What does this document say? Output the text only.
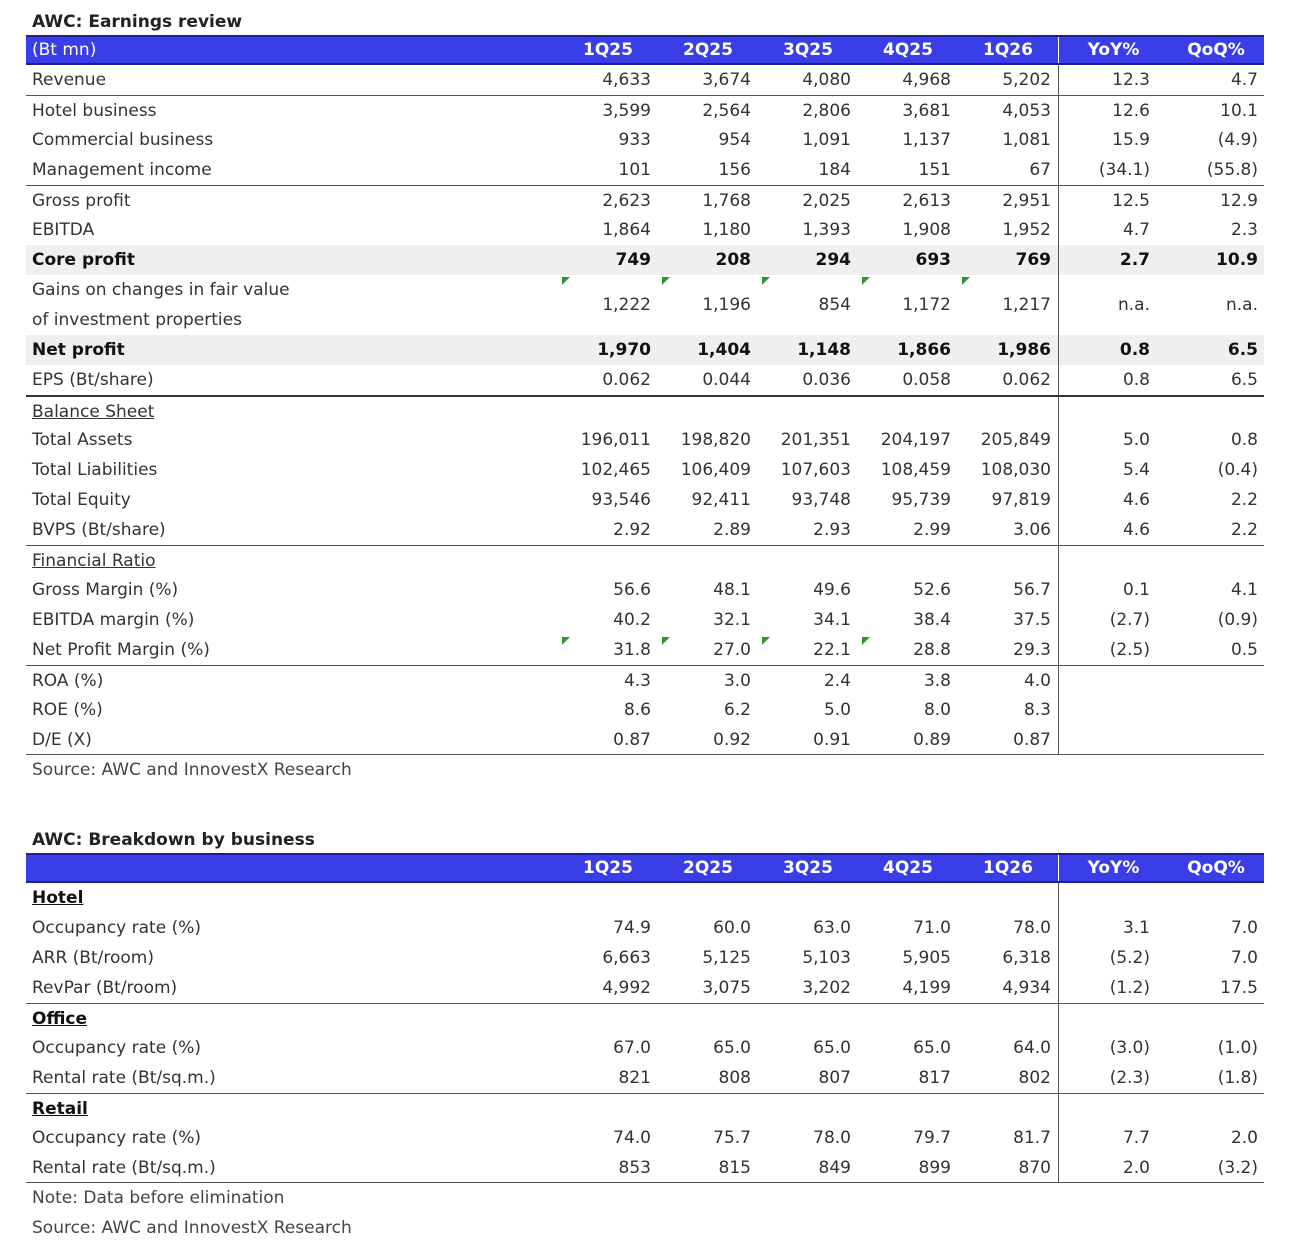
AWC: Earnings review
(Bt mn)	1Q25	2Q25	3Q25	4Q25	1Q26	YoY%	QoQ%
Revenue	4,633	3,674	4,080	4,968	5,202	12.3	4.7
Hotel business	3,599	2,564	2,806	3,681	4,053	12.6	10.1
Commercial business	933	954	1,091	1,137	1,081	15.9	(4.9)
Management income	101	156	184	151	67	(34.1)	(55.8)
Gross profit	2,623	1,768	2,025	2,613	2,951	12.5	12.9
EBITDA	1,864	1,180	1,393	1,908	1,952	4.7	2.3
Core profit	749	208	294	693	769	2.7	10.9
Gains on changes in fair value
of investment properties
1,222	1,196	854	1,172	1,217	n.a.	n.a.
Net profit	1,970	1,404	1,148	1,866	1,986	0.8	6.5
EPS (Bt/share)	0.062	0.044	0.036	0.058	0.062	0.8	6.5
Balance Sheet
Total Assets	196,011	198,820	201,351	204,197	205,849	5.0	0.8
Total Liabilities	102,465	106,409	107,603	108,459	108,030	5.4	(0.4)
Total Equity	93,546	92,411	93,748	95,739	97,819	4.6	2.2
BVPS (Bt/share)	2.92	2.89	2.93	2.99	3.06	4.6	2.2
Financial Ratio
Gross Margin (%)	56.6	48.1	49.6	52.6	56.7	0.1	4.1
EBITDA margin (%)	40.2	32.1	34.1	38.4	37.5	(2.7)	(0.9)
Net Profit Margin (%)	31.8	27.0	22.1	28.8	29.3	(2.5)	0.5
ROA (%)	4.3	3.0	2.4	3.8	4.0
ROE (%)	8.6	6.2	5.0	8.0	8.3
D/E (X)	0.87	0.92	0.91	0.89	0.87
Source: AWC and InnovestX Research
AWC: Breakdown by business
1Q25	2Q25	3Q25	4Q25	1Q26	YoY%	QoQ%
Hotel
Occupancy rate (%)	74.9	60.0	63.0	71.0	78.0	3.1	7.0
ARR (Bt/room)	6,663	5,125	5,103	5,905	6,318	(5.2)	7.0
RevPar (Bt/room)	4,992	3,075	3,202	4,199	4,934	(1.2)	17.5
Office
Occupancy rate (%)	67.0	65.0	65.0	65.0	64.0	(3.0)	(1.0)
Rental rate (Bt/sq.m.)	821	808	807	817	802	(2.3)	(1.8)
Retail
Occupancy rate (%)	74.0	75.7	78.0	79.7	81.7	7.7	2.0
Rental rate (Bt/sq.m.)	853	815	849	899	870	2.0	(3.2)
Note: Data before elimination
Source: AWC and InnovestX Research
